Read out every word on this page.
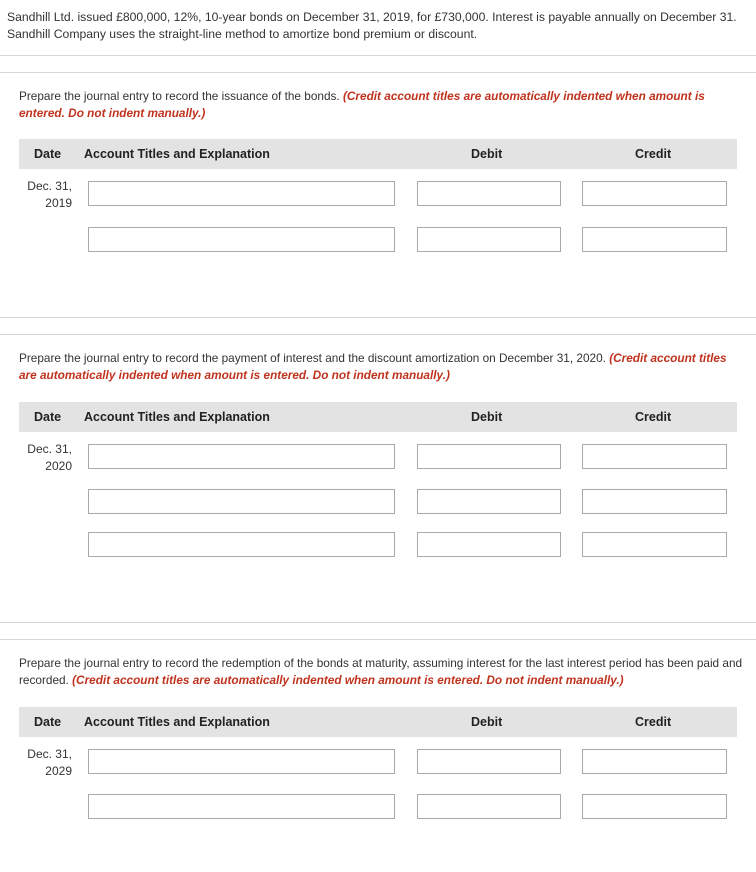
Sandhill Ltd. issued £800,000, 12%, 10-year bonds on December 31, 2019, for £730,000. Interest is payable annually on December 31. Sandhill Company uses the straight-line method to amortize bond premium or discount.
Prepare the journal entry to record the issuance of the bonds. (Credit account titles are automatically indented when amount is entered. Do not indent manually.)
Date Account Titles and Explanation	Debit	Credit
Dec. 31,
2019
Prepare the journal entry to record the payment of interest and the discount amortization on December 31, 2020. (Credit account titles are automatically indented when amount is entered. Do not indent manually.)
Date Account Titles and Explanation	Debit	Credit
Dec. 31,
2020
Prepare the journal entry to record the redemption of the bonds at maturity, assuming interest for the last interest period has been paid and recorded. (Credit account titles are automatically indented when amount is entered. Do not indent manually.)
Date Account Titles and Explanation	Debit	Credit
Dec. 31,
2029
